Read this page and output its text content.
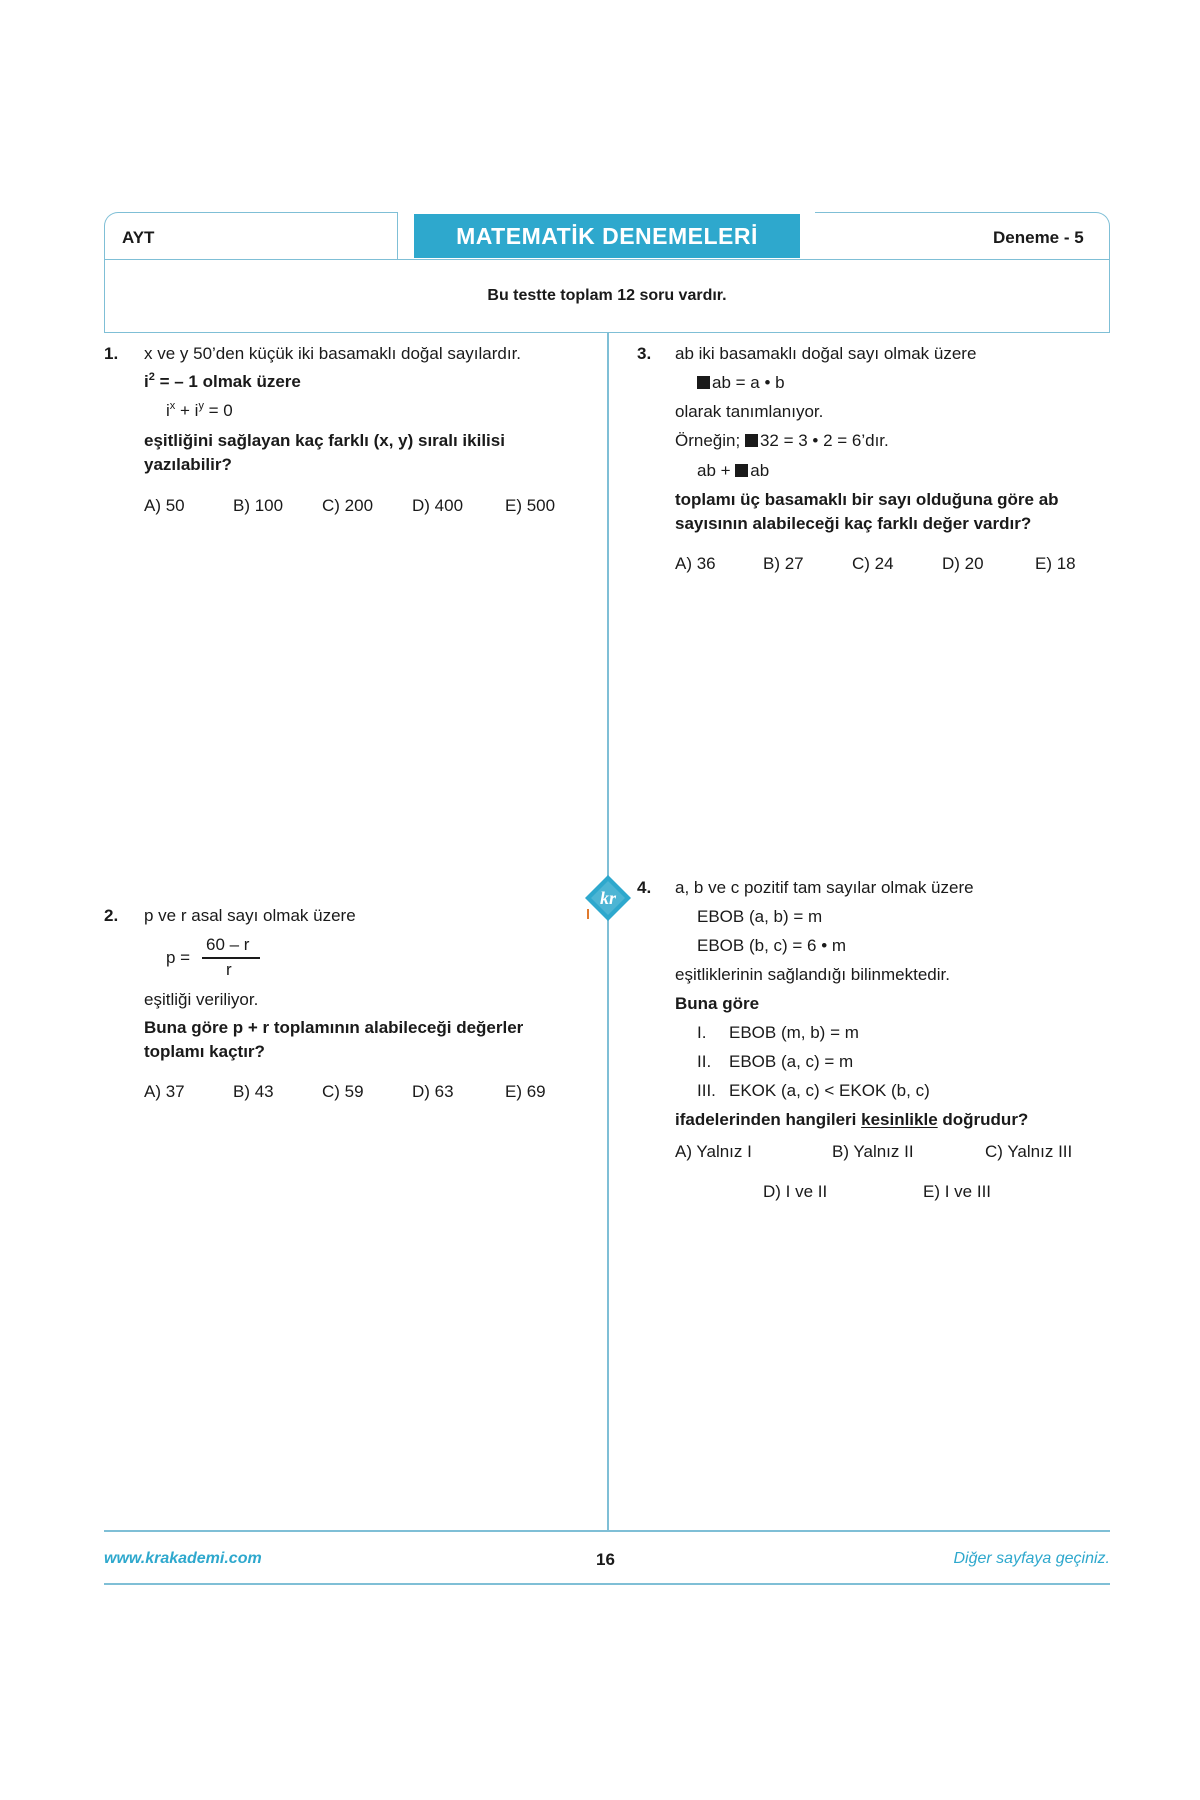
AYT	MATEMATİK DENEMELERİ	Deneme - 5
Bu testte toplam 12 soru vardır.
1. x ve y 50’den küçük iki basamaklı doğal sayılardır.
$i^2$ = – 1 olmak üzere
$i^x + i^y = 0$
eşitliğini sağlayan kaç farklı (x, y) sıralı ikilisi
yazılabilir?
A) 50	B) 100 C) 200 D) 400 E) 500
3. ab iki basamaklı doğal sayı olmak üzere
ab = a • b
olarak tanımlanıyor.
Örneğin; 32 = 3 • 2 = 6’dır.
ab + ab
toplamı üç basamaklı bir sayı olduğuna göre ab
sayısının alabileceği kaç farklı değer vardır?
A) 36	B) 27	C) 24	D) 20	E) 18
kr
2. p ve r asal sayı olmak üzere
p =
60 – r
r
eşitliği veriliyor.
Buna göre p + r toplamının alabileceği değerler
toplamı kaçtır?
A) 37	B) 43	C) 59	D) 63	E) 69
4. a, b ve c pozitif tam sayılar olmak üzere
EBOB (a, b) = m
EBOB (b, c) = 6 • m
eşitliklerinin sağlandığı bilinmektedir.
Buna göre
I. EBOB (m, b) = m
II. EBOB (a, c) = m
III. EKOK (a, c) < EKOK (b, c)
ifadelerinden hangileri kesinlikle doğrudur?
A) Yalnız I	B) Yalnız II	C) Yalnız III
D) I ve II	E) I ve III
www.krakademi.com	16	Diğer sayfaya geçiniz.
